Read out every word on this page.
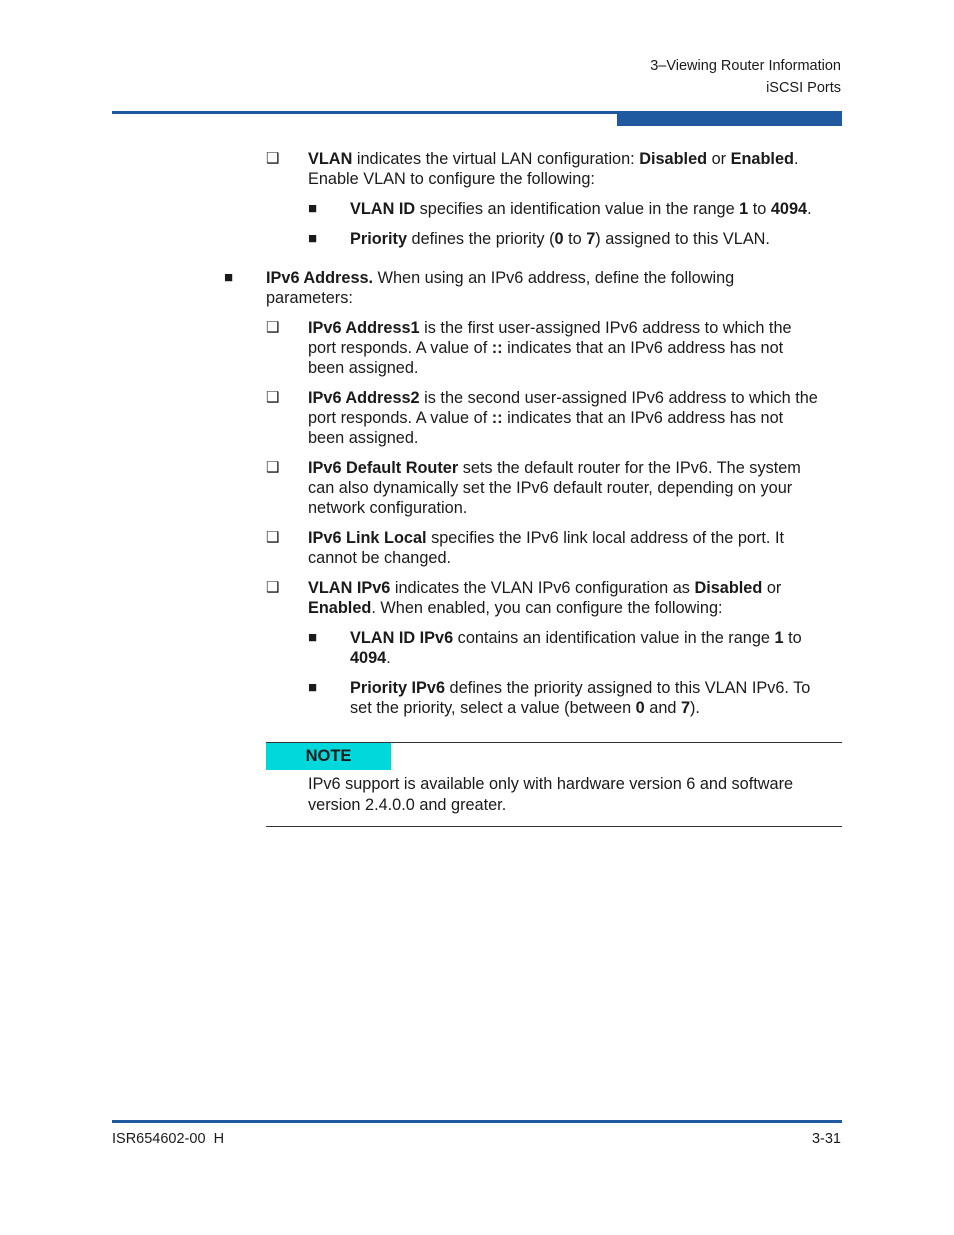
3–Viewing Router Information
iSCSI Ports
❑ VLAN indicates the virtual LAN configuration: Disabled or Enabled.
Enable VLAN to configure the following:
■ VLAN ID specifies an identification value in the range 1 to 4094.
■ Priority defines the priority (0 to 7) assigned to this VLAN.
■ IPv6 Address. When using an IPv6 address, define the following
parameters:
❑ IPv6 Address1 is the first user-assigned IPv6 address to which the
port responds. A value of :: indicates that an IPv6 address has not
been assigned.
❑ IPv6 Address2 is the second user-assigned IPv6 address to which the
port responds. A value of :: indicates that an IPv6 address has not
been assigned.
❑ IPv6 Default Router sets the default router for the IPv6. The system
can also dynamically set the IPv6 default router, depending on your
network configuration.
❑ IPv6 Link Local specifies the IPv6 link local address of the port. It
cannot be changed.
❑ VLAN IPv6 indicates the VLAN IPv6 configuration as Disabled or
Enabled. When enabled, you can configure the following:
■ VLAN ID IPv6 contains an identification value in the range 1 to
4094.
■ Priority IPv6 defines the priority assigned to this VLAN IPv6. To
set the priority, select a value (between 0 and 7).
NOTE
IPv6 support is available only with hardware version 6 and software
version 2.4.0.0 and greater.
ISR654602-00  H	3-31
